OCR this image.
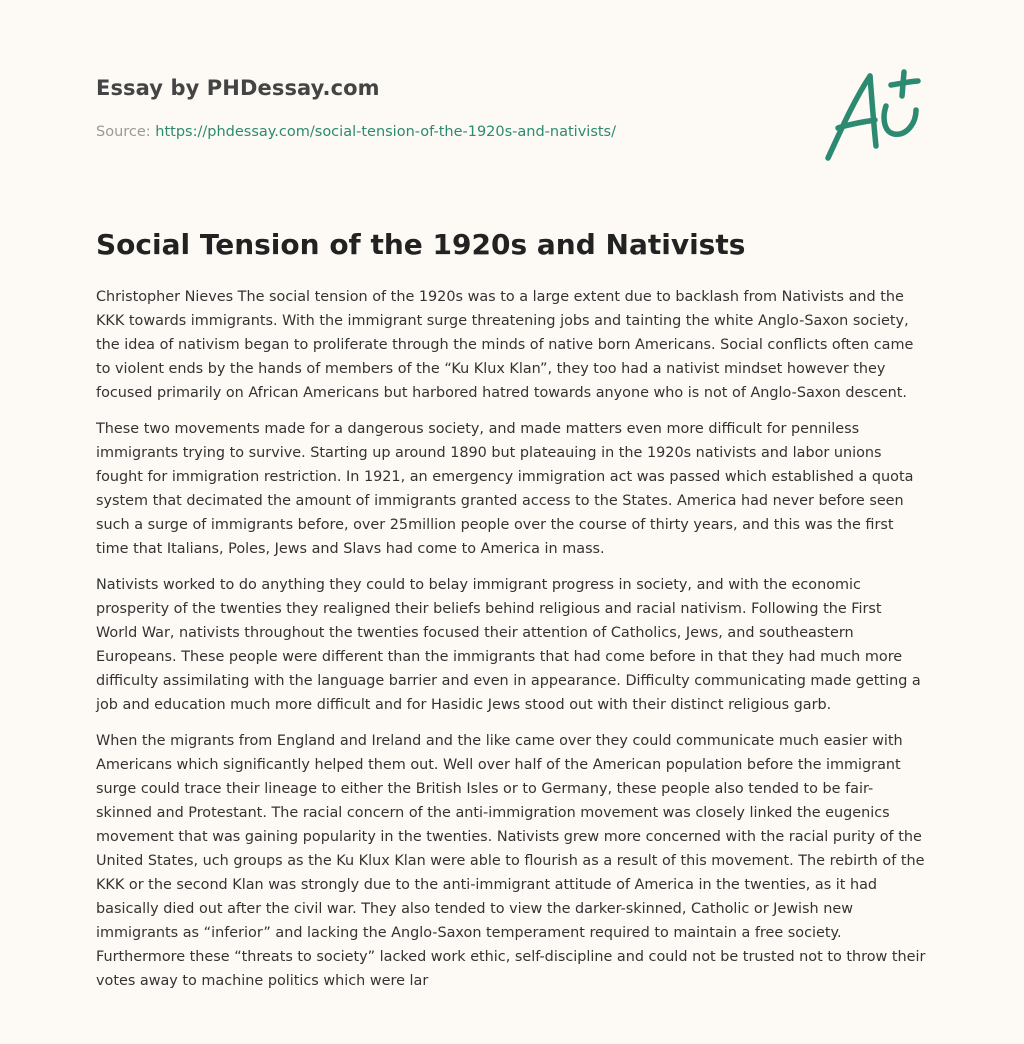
Essay by PHDessay.com
Source: https://phdessay.com/social-tension-of-the-1920s-and-nativists/
Social Tension of the 1920s and Nativists

Christopher Nieves The social tension of the 1920s was to a large extent due to backlash from Nativists and the KKK towards immigrants. With the immigrant surge threatening jobs and tainting the white Anglo-Saxon society, the idea of nativism began to proliferate through the minds of native born Americans. Social conflicts often came to violent ends by the hands of members of the “Ku Klux Klan”, they too had a nativist mindset however they focused primarily on African Americans but harbored hatred towards anyone who is not of Anglo-Saxon descent.

These two movements made for a dangerous society, and made matters even more difficult for penniless immigrants trying to survive. Starting up around 1890 but plateauing in the 1920s nativists and labor unions fought for immigration restriction. In 1921, an emergency immigration act was passed which established a quota system that decimated the amount of immigrants granted access to the States. America had never before seen such a surge of immigrants before, over 25million people over the course of thirty years, and this was the first time that Italians, Poles, Jews and Slavs had come to America in mass.

Nativists worked to do anything they could to belay immigrant progress in society, and with the economic prosperity of the twenties they realigned their beliefs behind religious and racial nativism. Following the First World War, nativists throughout the twenties focused their attention of Catholics, Jews, and southeastern Europeans. These people were different than the immigrants that had come before in that they had much more difficulty assimilating with the language barrier and even in appearance. Difficulty communicating made getting a job and education much more difficult and for Hasidic Jews stood out with their distinct religious garb.

When the migrants from England and Ireland and the like came over they could communicate much easier with Americans which significantly helped them out. Well over half of the American population before the immigrant surge could trace their lineage to either the British Isles or to Germany, these people also tended to be fair-skinned and Protestant. The racial concern of the anti-immigration movement was closely linked the eugenics movement that was gaining popularity in the twenties. Nativists grew more concerned with the racial purity of the United States, uch groups as the Ku Klux Klan were able to flourish as a result of this movement. The rebirth of the KKK or the second Klan was strongly due to the anti-immigrant attitude of America in the twenties, as it had basically died out after the civil war. They also tended to view the darker-skinned, Catholic or Jewish new immigrants as “inferior” and lacking the Anglo-Saxon temperament required to maintain a free society. Furthermore these “threats to society” lacked work ethic, self-discipline and could not be trusted not to throw their votes away to machine politics which were lar
